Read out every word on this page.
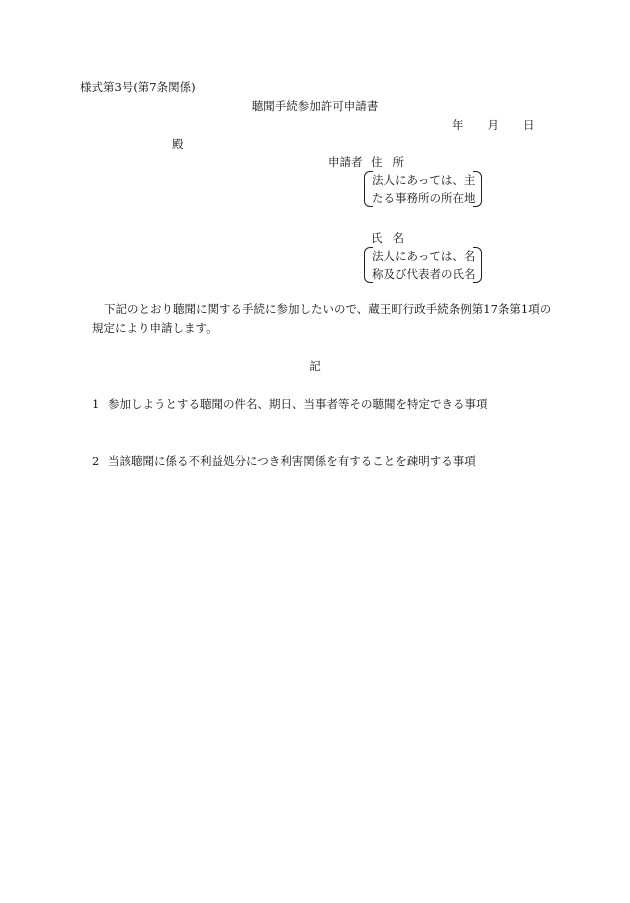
様式第3号(第7条関係)
聴聞手続参加許可申請書
年 月 日
殿
申請者 住所
法人にあっては、主
たる事務所の所在地
氏名
法人にあっては、名
称及び代表者の氏名
下記のとおり聴聞に関する手続に参加したいので、蔵王町行政手続条例第17条第1項の
規定により申請します。
記
1 参加しようとする聴聞の件名、期日、当事者等その聴聞を特定できる事項
2 当該聴聞に係る不利益処分につき利害関係を有することを疎明する事項
